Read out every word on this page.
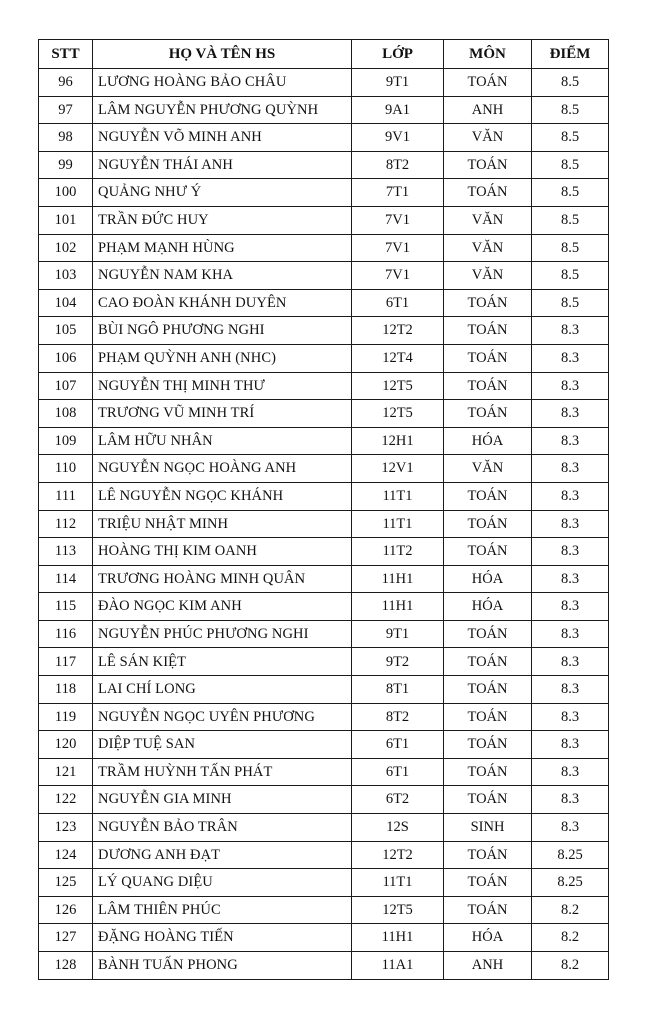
STT	HỌ VÀ TÊN HS	LỚP	MÔN	ĐIỂM
96	LƯƠNG HOÀNG BẢO CHÂU	9T1	TOÁN	8.5
97	LÂM NGUYỄN PHƯƠNG QUỲNH	9A1	ANH	8.5
98	NGUYỄN VÕ MINH ANH	9V1	VĂN	8.5
99	NGUYỄN THÁI ANH	8T2	TOÁN	8.5
100	QUẢNG NHƯ Ý	7T1	TOÁN	8.5
101	TRẦN ĐỨC HUY	7V1	VĂN	8.5
102	PHẠM MẠNH HÙNG	7V1	VĂN	8.5
103	NGUYỄN NAM KHA	7V1	VĂN	8.5
104	CAO ĐOÀN KHÁNH DUYÊN	6T1	TOÁN	8.5
105	BÙI NGÔ PHƯƠNG NGHI	12T2	TOÁN	8.3
106	PHẠM QUỲNH ANH (NHC)	12T4	TOÁN	8.3
107	NGUYỄN THỊ MINH THƯ	12T5	TOÁN	8.3
108	TRƯƠNG VŨ MINH TRÍ	12T5	TOÁN	8.3
109	LÂM HỮU NHÂN	12H1	HÓA	8.3
110	NGUYỄN NGỌC HOÀNG ANH	12V1	VĂN	8.3
111	LÊ NGUYỄN NGỌC KHÁNH	11T1	TOÁN	8.3
112	TRIỆU NHẬT MINH	11T1	TOÁN	8.3
113	HOÀNG THỊ KIM OANH	11T2	TOÁN	8.3
114	TRƯƠNG HOÀNG MINH QUÂN	11H1	HÓA	8.3
115	ĐÀO NGỌC KIM ANH	11H1	HÓA	8.3
116	NGUYỄN PHÚC PHƯƠNG NGHI	9T1	TOÁN	8.3
117	LÊ SÁN KIỆT	9T2	TOÁN	8.3
118	LAI CHÍ LONG	8T1	TOÁN	8.3
119	NGUYỄN NGỌC UYÊN PHƯƠNG	8T2	TOÁN	8.3
120	DIỆP TUỆ SAN	6T1	TOÁN	8.3
121	TRẦM HUỲNH TẤN PHÁT	6T1	TOÁN	8.3
122	NGUYỄN GIA MINH	6T2	TOÁN	8.3
123	NGUYỄN BẢO TRÂN	12S	SINH	8.3
124	DƯƠNG ANH ĐẠT	12T2	TOÁN	8.25
125	LÝ QUANG DIỆU	11T1	TOÁN	8.25
126	LÂM THIÊN PHÚC	12T5	TOÁN	8.2
127	ĐẶNG HOÀNG TIẾN	11H1	HÓA	8.2
128	BÀNH TUẤN PHONG	11A1	ANH	8.2
